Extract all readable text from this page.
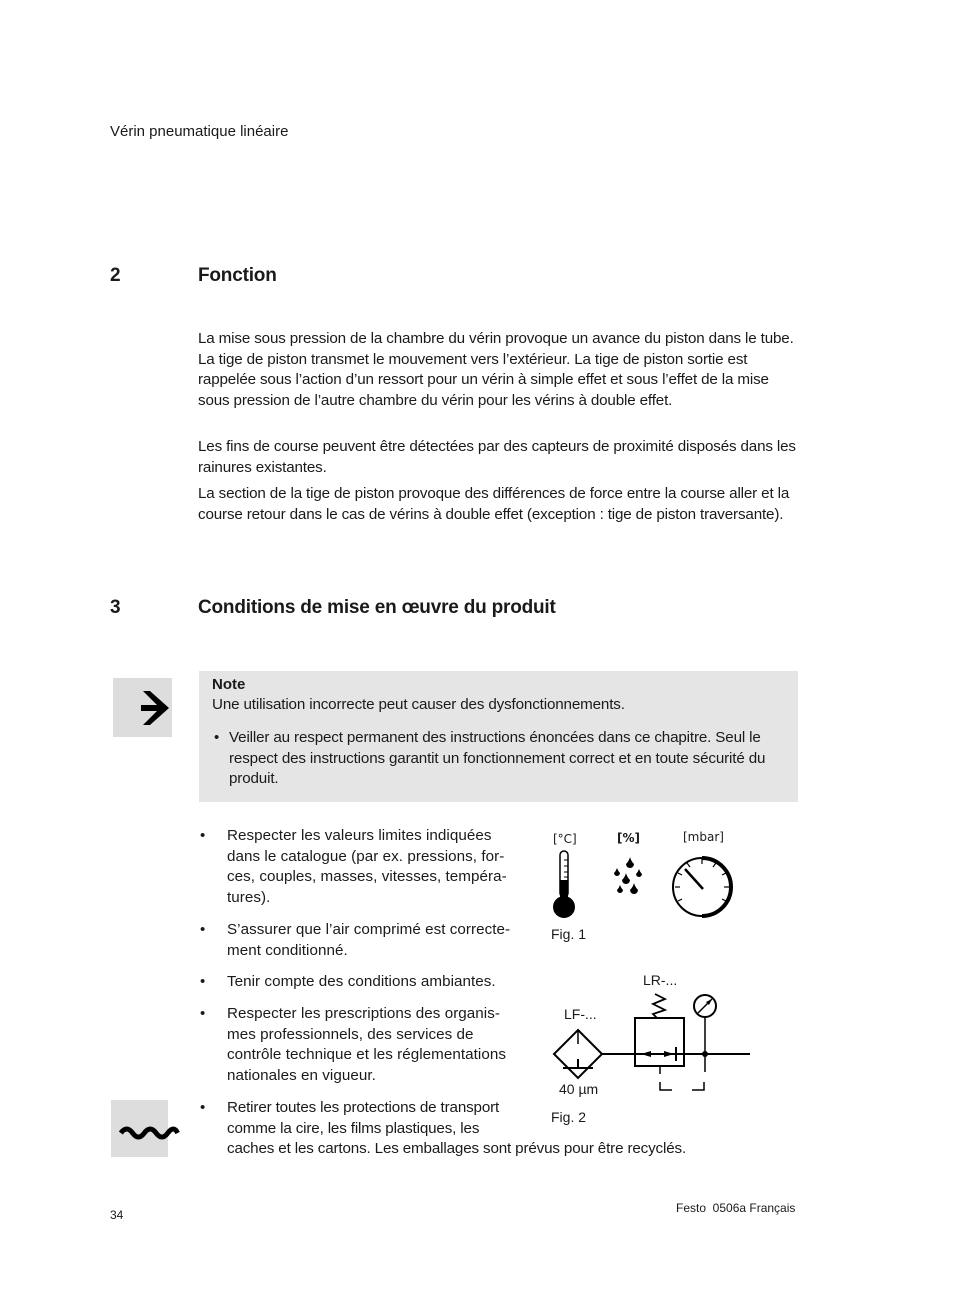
Vérin pneumatique linéaire
2	Fonction

La mise sous pression de la chambre du vérin provoque un avance du piston dans le tube. La tige de piston transmet le mouvement vers l’extérieur. La tige de piston sortie est rappelée sous l’action d’un ressort pour un vérin à simple effet et sous l’effet de la mise sous pression de l’autre chambre du vérin pour les vérins à double effet.

Les fins de course peuvent être détectées par des capteurs de proximité disposés dans les rainures existantes.

La section de la tige de piston provoque des différences de force entre la course aller et la course retour dans le cas de vérins à double effet (exception : tige de piston traversante).

3	Conditions de mise en œuvre du produit
Note
Une utilisation incorrecte peut causer des dysfonctionnements.
• Veiller au respect permanent des instructions énoncées dans ce chapitre. Seul le respect des instructions garantit un fonctionnement correct et en toute sécurité du produit.
• Respecter les valeurs limites indiquées
dans le catalogue (par ex. pressions, for-
ces, couples, masses, vitesses, tempéra-
tures).
• S’assurer que l’air comprimé est correcte-
ment conditionné.
• Tenir compte des conditions ambiantes.
• Respecter les prescriptions des organis-
mes professionnels, des services de
contrôle technique et les réglementations
nationales en vigueur.
• Retirer toutes les protections de transport
comme la cire, les films plastiques, les
caches et les cartons. Les emballages sont prévus pour être recyclés.
[°C]	[%]	[mbar]
Fig. 1
LR-...
LF-...
40 µm
Fig. 2
34	Festo  0506a Français
